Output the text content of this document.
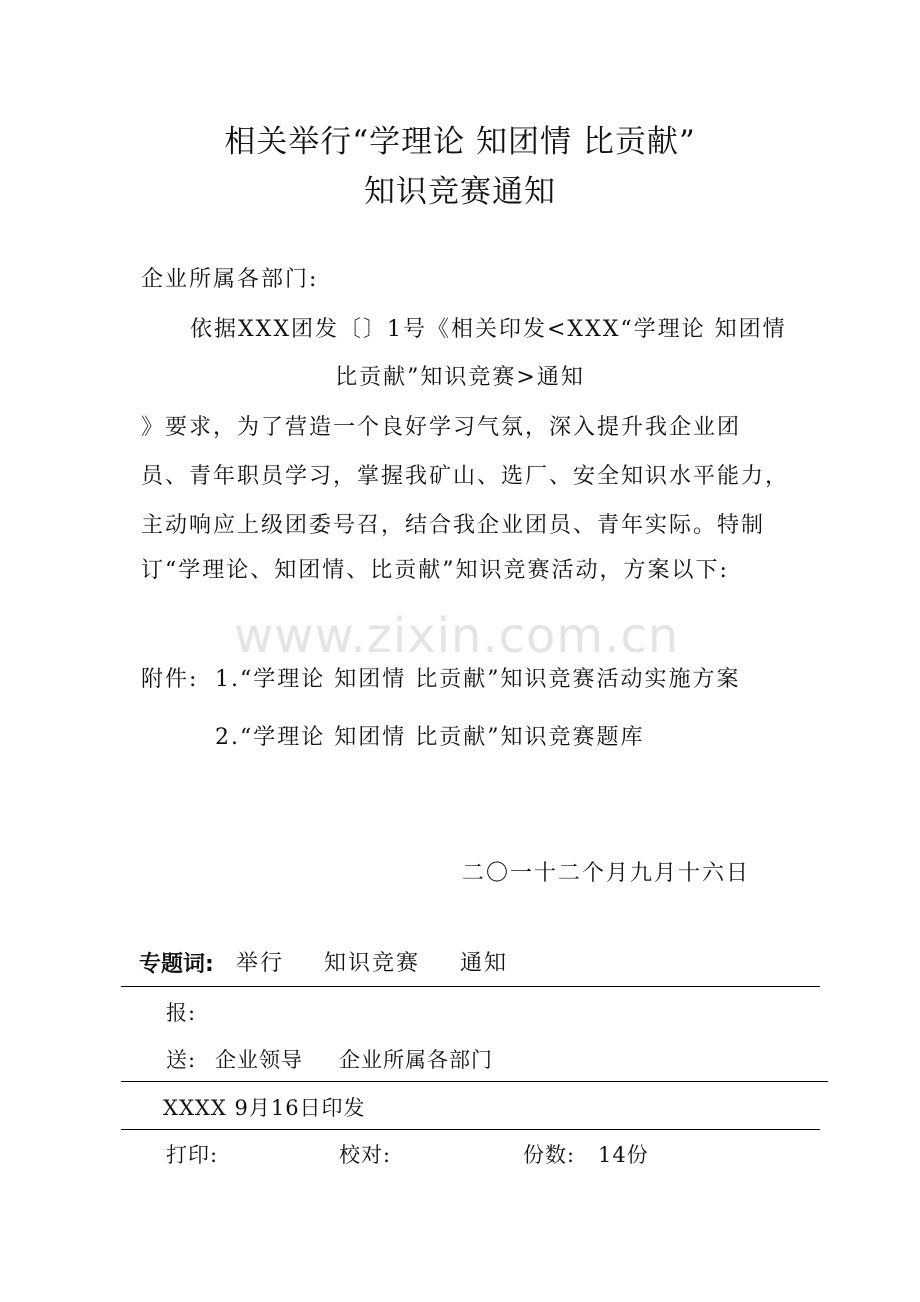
相关举行“学理论 知团情 比贡献”
知识竞赛通知
企业所属各部门:
依据XXX团发〔〕1号《相关印发<XXX“学理论 知团情
比贡献”知识竞赛>通知
》要求，为了营造一个良好学习气氛，深入提升我企业团
员、青年职员学习，掌握我矿山、选厂、安全知识水平能力，
主动响应上级团委号召，结合我企业团员、青年实际。特制
订“学理论、知团情、比贡献”知识竞赛活动，方案以下:
www.zixin.com.cn
附件: 1.“学理论 知团情 比贡献”知识竞赛活动实施方案
2.“学理论 知团情 比贡献”知识竞赛题库
二〇一十二个月九月十六日
专题词: 举行 知识竞赛 通知
报:
送: 企业领导 企业所属各部门
XXXX 9月16日印发
打印:	校对:	份数: 14份
